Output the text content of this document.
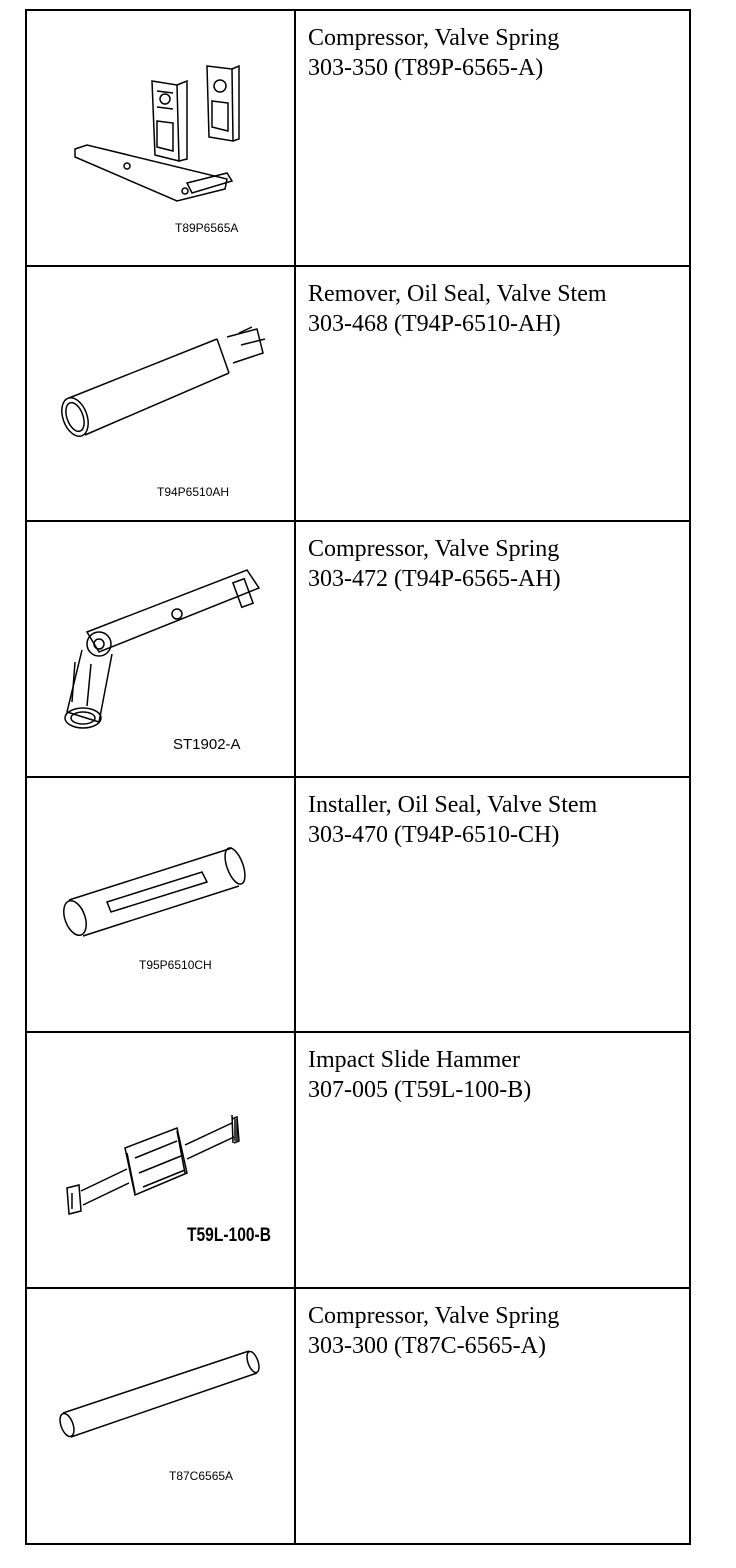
T89P6565A	Compressor, Valve Spring
303-350 (T89P-6565-A)

T94P6510AH	Remover, Oil Seal, Valve Stem
303-468 (T94P-6510-AH)

ST1902-A	Compressor, Valve Spring
303-472 (T94P-6565-AH)

T95P6510CH	Installer, Oil Seal, Valve Stem
303-470 (T94P-6510-CH)

T59L-100-B	Impact Slide Hammer
307-005 (T59L-100-B)

T87C6565A	Compressor, Valve Spring
303-300 (T87C-6565-A)
